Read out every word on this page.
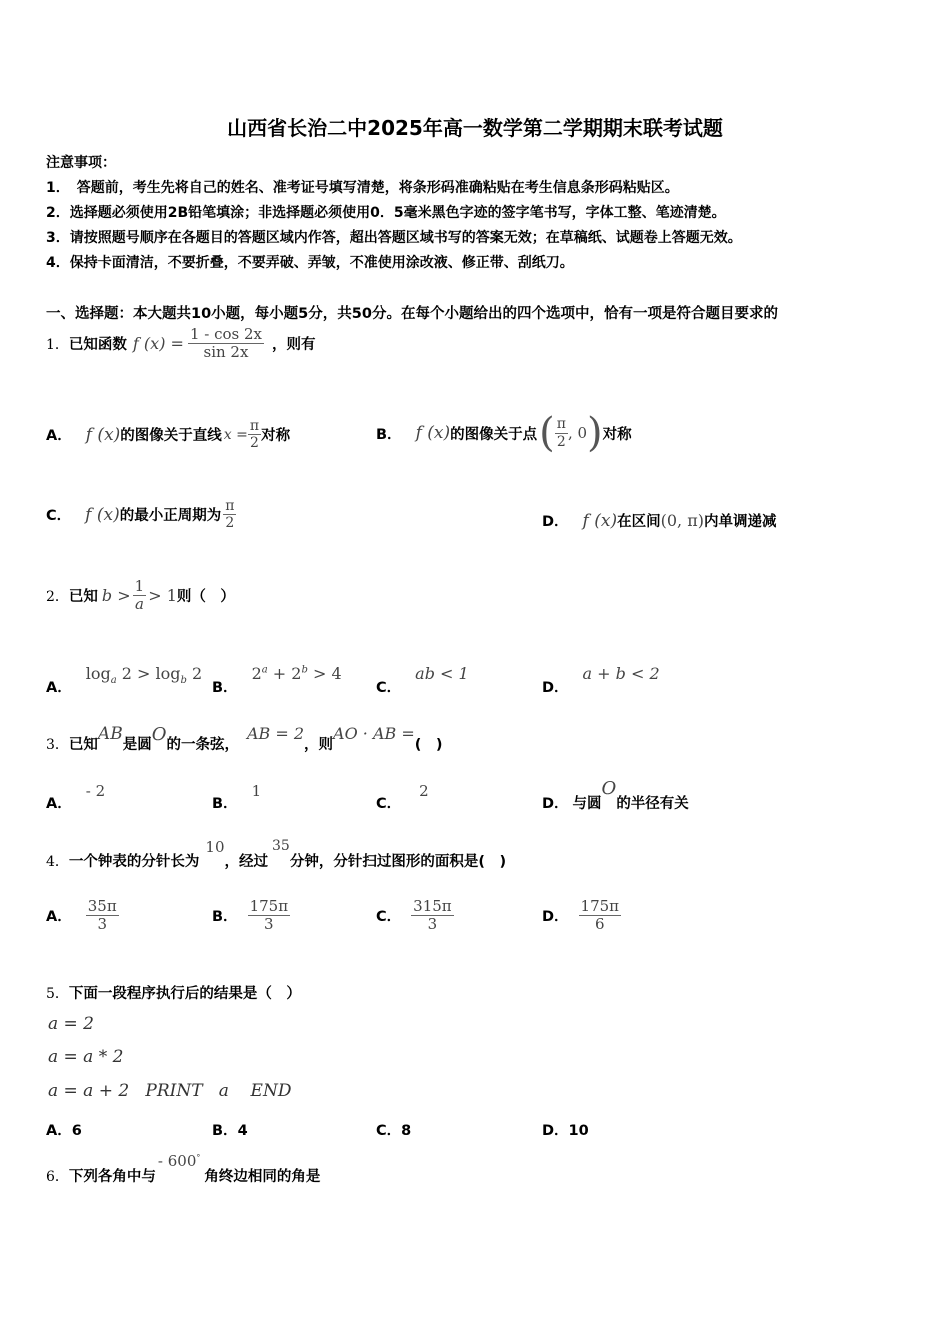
山西省长治二中2025年高一数学第二学期期末联考试题
注意事项：
1．　答题前，考生先将自己的姓名、准考证号填写清楚，将条形码准确粘贴在考生信息条形码粘贴区。
2．选择题必须使用2B铅笔填涂；非选择题必须使用0．5毫米黑色字迹的签字笔书写，字体工整、笔迹清楚。
3．请按照题号顺序在各题目的答题区域内作答，超出答题区域书写的答案无效；在草稿纸、试题卷上答题无效。
4．保持卡面清洁，不要折叠，不要弄破、弄皱，不准使用涂改液、修正带、刮纸刀。
一、选择题：本大题共10小题，每小题5分，共50分。在每个小题给出的四个选项中，恰有一项是符合题目要求的
1． 已知函数 f $(x) = \frac{1 - \cos 2x}{\sin 2x}$ ，则有
A． f (x) 的图像关于直线 $x = \frac{\pi}{2}$ 对称	B． f (x) 的图像关于点 ( $\frac{\pi}{2}$ , 0 ) 对称
C． f (x) 的最小正周期为 $\frac{\pi}{2}$	D． f (x) 在区间 (0, π) 内单调递减
2． 已知 $b > \frac{1}{a} > 1$ 则（　）
A．
$\log_a 2 > \log_b 2$
B．
$2^a + 2^b > 4$
C．
ab < 1
D．
a + b < 2
3． 已知
AB
是圆 O 的一条弦，
AB = 2
，则
AO · AB =
(　)
A．
- 2
B．
1
C．
2
D． 与圆
O
的半径有关
4． 一个钟表的分针长为
10
，经过
35
分钟，分针扫过图形的面积是(　)
A． $\frac{35\pi}{3}$	B． $\frac{175\pi}{3}$	C． $\frac{315\pi}{3}$	D． $\frac{175\pi}{6}$
5．下面一段程序执行后的结果是（　）
a = 2
a = a * 2
a = a + 2   PRINT   a    END
A．6	B．4	C．8	D．10
6． 下列各角中与
- 600°
角终边相同的角是
